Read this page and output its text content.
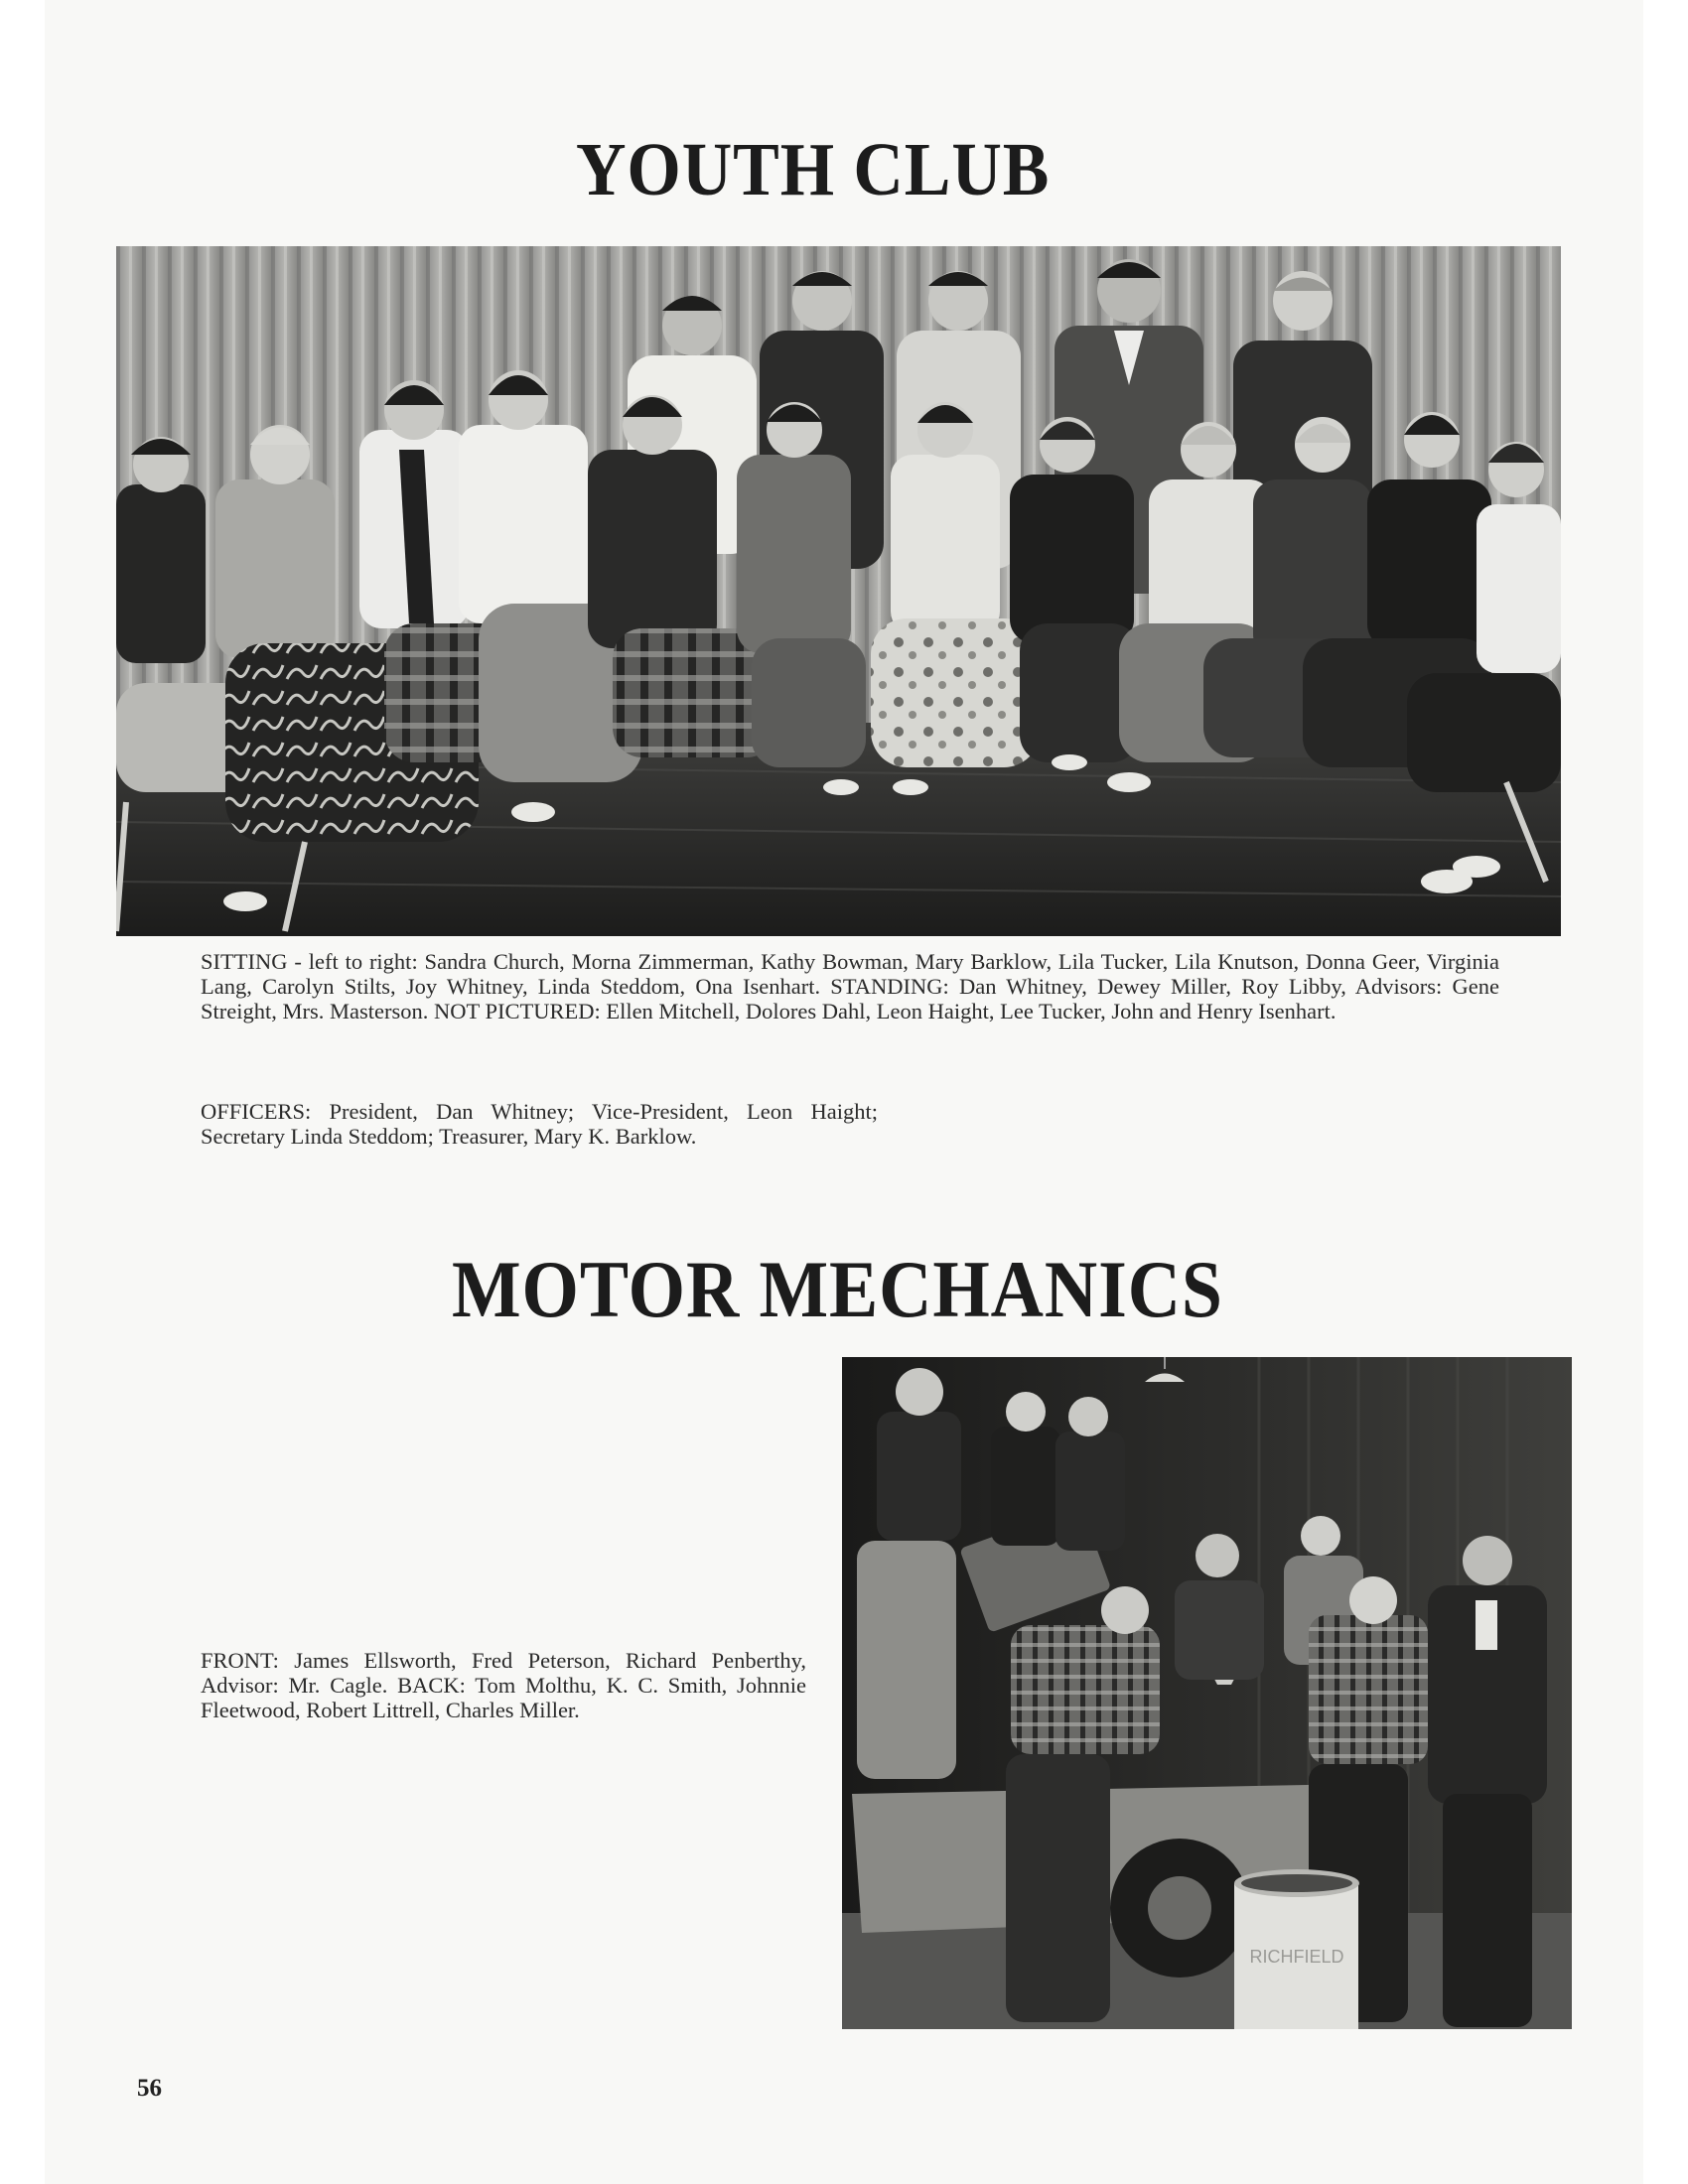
YOUTH CLUB

SITTING - left to right: Sandra Church, Morna Zimmerman, Kathy Bowman, Mary Barklow, Lila Tucker, Lila Knutson, Donna Geer, Virginia Lang, Carolyn Stilts, Joy Whitney, Linda Steddom, Ona Isenhart. STANDING: Dan Whitney, Dewey Miller, Roy Libby, Advisors: Gene Streight, Mrs. Masterson. NOT PICTURED: Ellen Mitchell, Dolores Dahl, Leon Haight, Lee Tucker, John and Henry Isenhart.

OFFICERS: President, Dan Whitney; Vice-President, Leon Haight; Secretary Linda Steddom; Treasurer, Mary K. Barklow.

MOTOR MECHANICS

FRONT: James Ellsworth, Fred Peterson, Richard Penberthy, Advisor: Mr. Cagle. BACK: Tom Molthu, K. C. Smith, Johnnie Fleetwood, Robert Littrell, Charles Miller.

RICHFIELD
56
